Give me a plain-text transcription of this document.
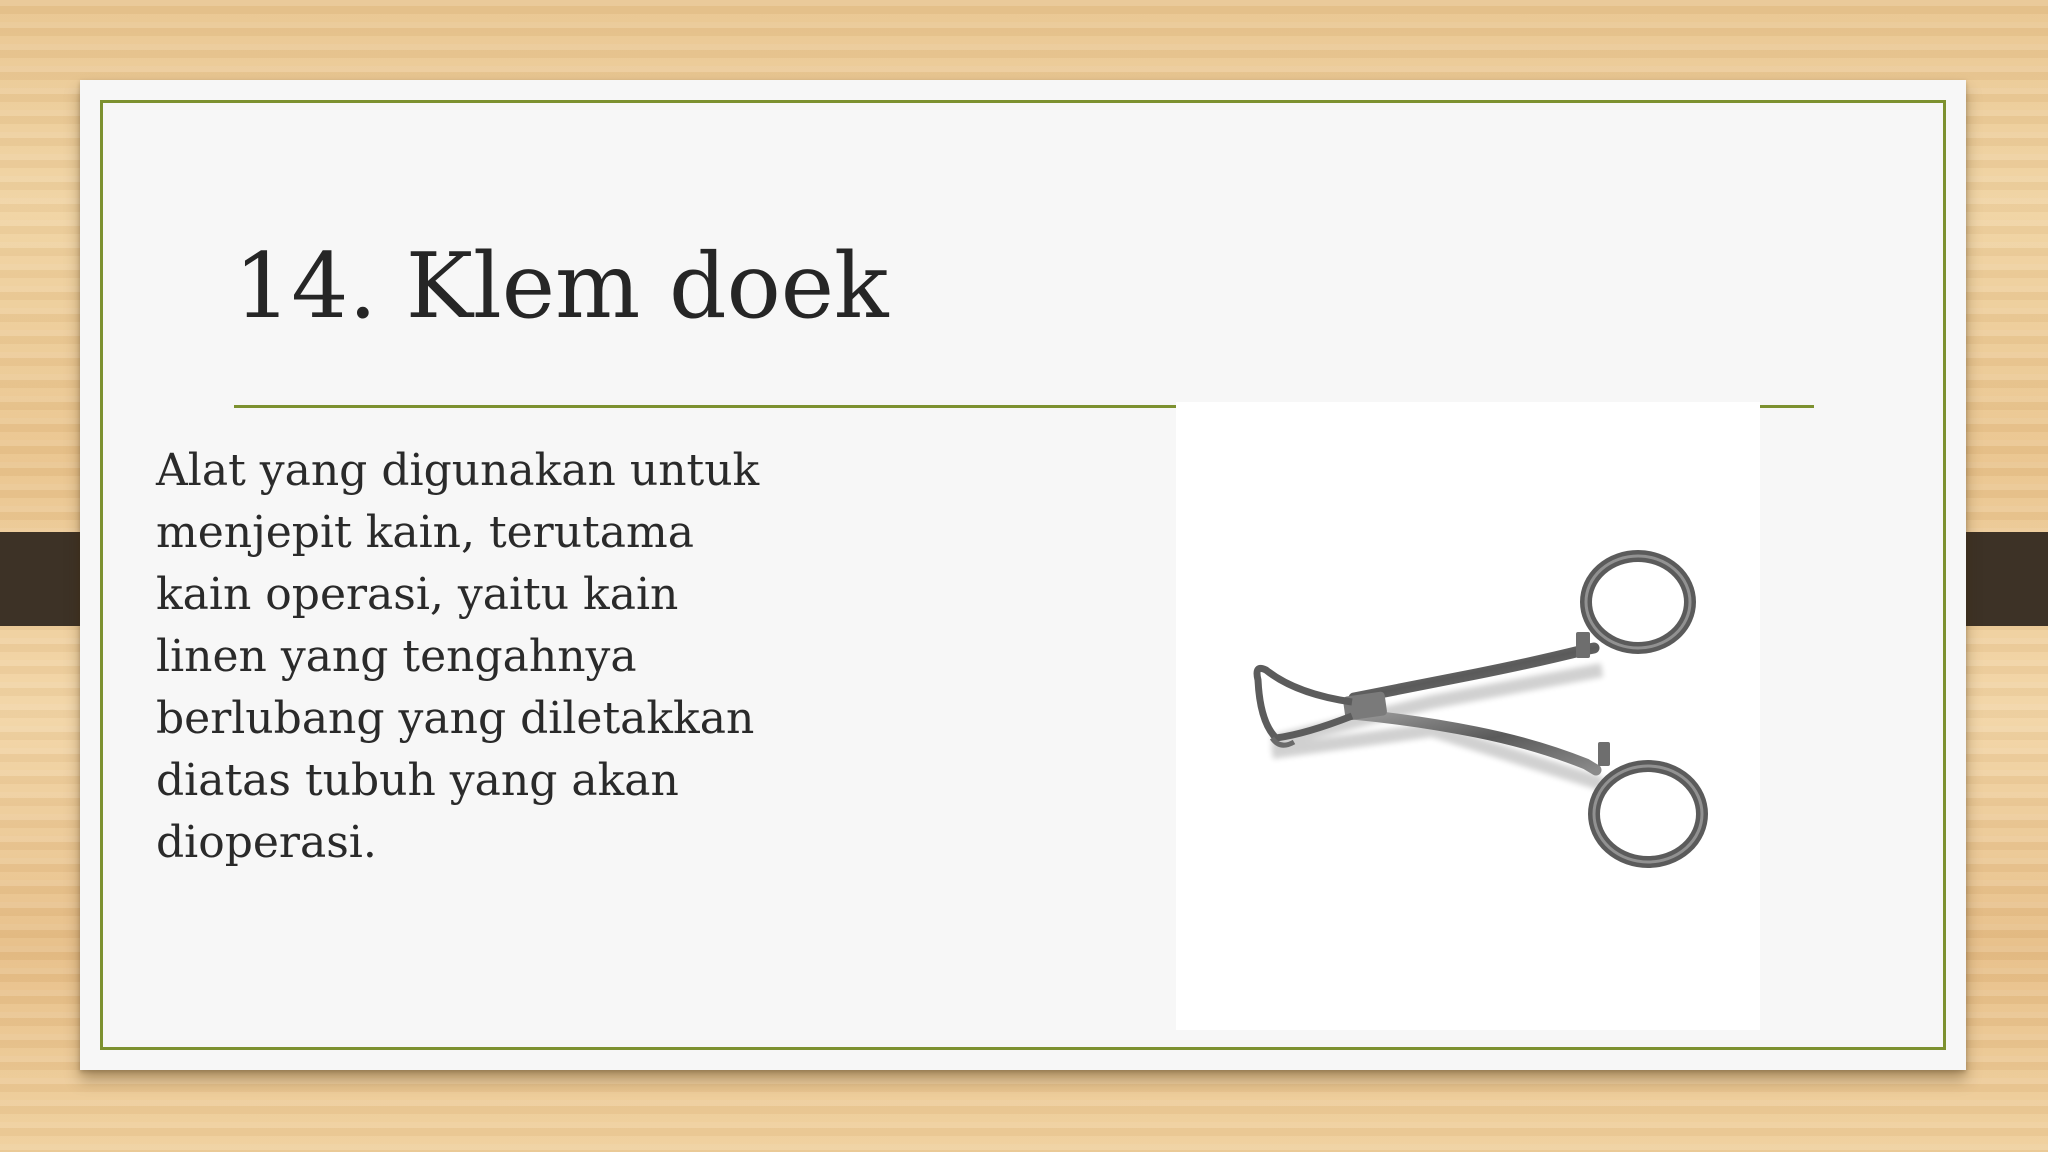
14. Klem doek

Alat yang digunakan untuk menjepit kain, terutama kain operasi, yaitu kain linen yang tengahnya berlubang yang diletakkan diatas tubuh yang akan dioperasi.
